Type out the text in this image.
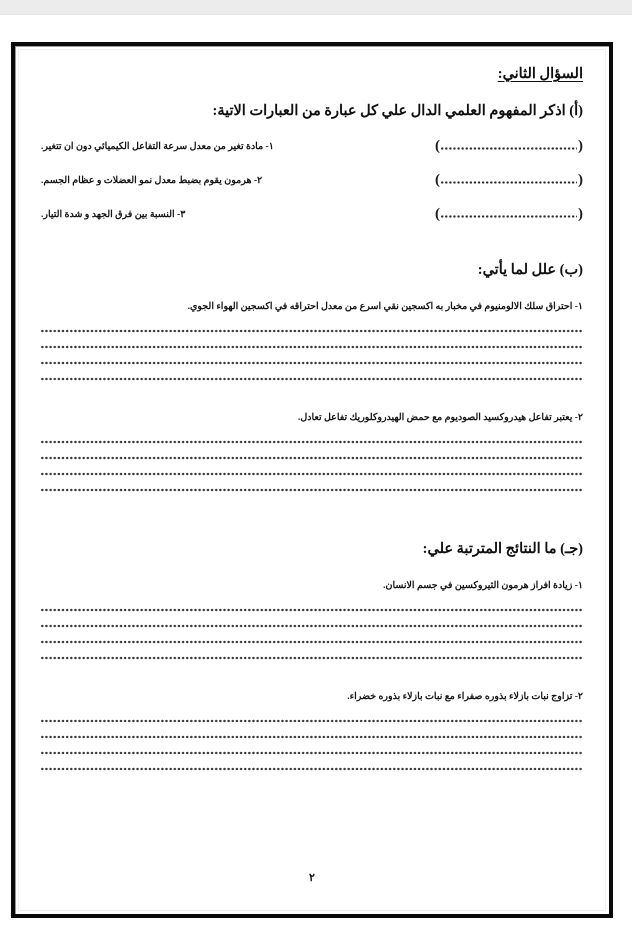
السؤال الثاني:
(أ) اذكر المفهوم العلمي الدال علي كل عبارة من العبارات الاتية:
(	)
١- مادة تغير من معدل سرعة التفاعل الكيميائي دون ان تتغير.
(	)
٢- هرمون يقوم بضبط معدل نمو العضلات و عظام الجسم.
(	)
٣- النسبة بين فرق الجهد و شدة التيار.
(ب) علل لما يأتي:
١- احتراق سلك الالومنيوم في مخبار به اكسجين نقي اسرع من معدل احتراقه في اكسجين الهواء الجوي.
٢- يعتبر تفاعل هيدروكسيد الصوديوم مع حمض الهيدروكلوريك تفاعل تعادل.
(جـ) ما النتائج المترتبة علي:
١- زيادة افراز هرمون الثيروكسين في جسم الانسان.
٢- تزاوج نبات بازلاء بذوره صفراء مع نبات بازلاء بذوره خضراء.
٢
